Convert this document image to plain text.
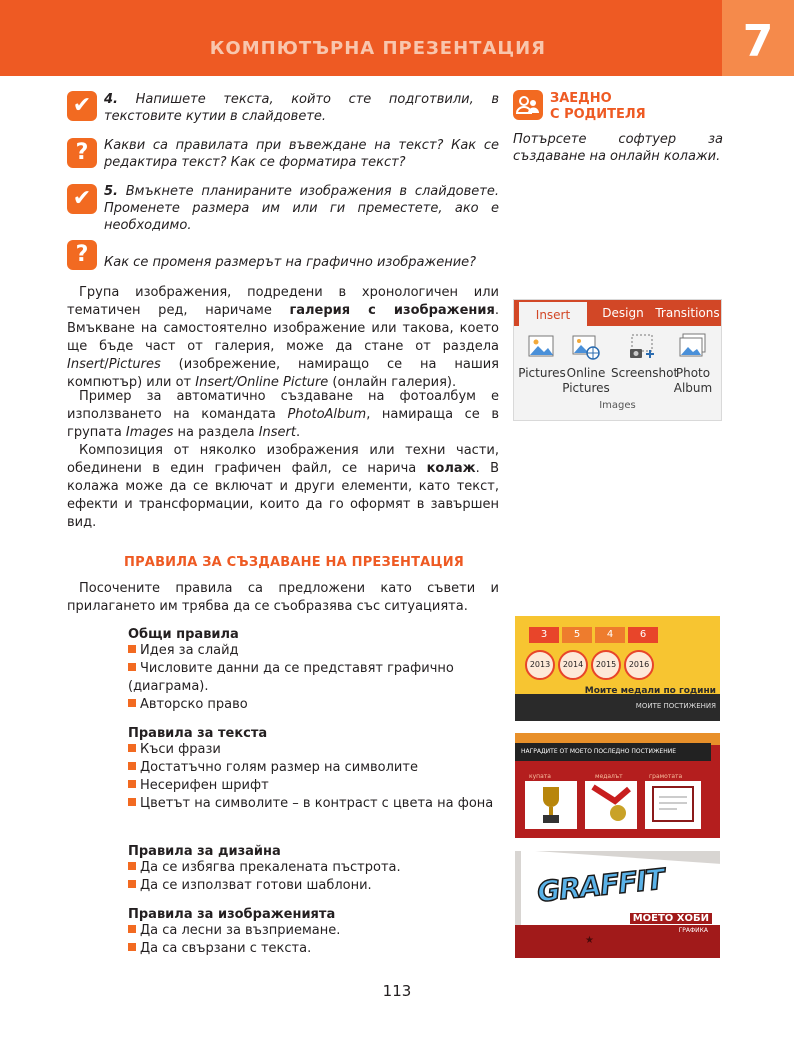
КОМПЮТЪРНА ПРЕЗЕНТАЦИЯ	7
✔ 4. Напишете текста, който сте подготвили, в текстовите кутии в слайдовете.
?	Какви са правилата при въвеждане на текст? Как се редактира текст? Как се форматира текст?
✔ 5. Вмъкнете планираните изображения в слайдовете. Променете размера им или ги преместете, ако е необходимо.
?	Как се променя размерът на графично изображение?
Група изображения, подредени в хронологичен или тематичен ред, наричаме галерия с изображения. Вмъкване на самостоятелно изображение или такова, което ще бъде част от галерия, може да стане от раздела Insert/Pictures (изобрежение, намиращо се на нашия компютър) или от Insert/Online Picture (онлайн галерия).
Пример за автоматично създаване на фотоалбум е използването на командата PhotoAlbum, намираща се в групата Images на раздела Insert.
Композиция от няколко изображения или техни части, обединени в един графичен файл, се нарича колаж. В колажа може да се включат и други елементи, като текст, ефекти и трансформации, които да го оформят в завършен вид.
ПРАВИЛА ЗА СЪЗДАВАНЕ НА ПРЕЗЕНТАЦИЯ
Посочените правила са предложени като съвети и прилагането им трябва да се съобразява със ситуацията.
Общи правила
Идея за слайд
Числовите данни да се представят графично (диаграма).
Авторско право
Правила за текста
Къси фрази
Достатъчно голям размер на символите
Несерифен шрифт
Цветът на символите – в контраст с цвета на фона
Правила за дизайна
Да се избягва прекалената пъстрота.
Да се използват готови шаблони.
Правила за изображенията
Да са лесни за възприемане.
Да са свързани с текста.
ЗАЕДНО
С РОДИТЕЛЯ
Потърсете софтуер за създаване на онлайн колажи.
Insert	Design Transitions
Pictures Online Pictures
Screenshot
Photo Album
Images
3	5	4	6
2013	2014	2015	2016
Моите медали по години
МОИТЕ ПОСТИЖЕНИЯ
НАГРАДИТЕ ОТ МОЕТО ПОСЛЕДНО ПОСТИЖЕНИЕ
купата	медалът	грамотата
GRAFFIT
МОЕТО ХОБИ
ГРАФИКА
★
113
